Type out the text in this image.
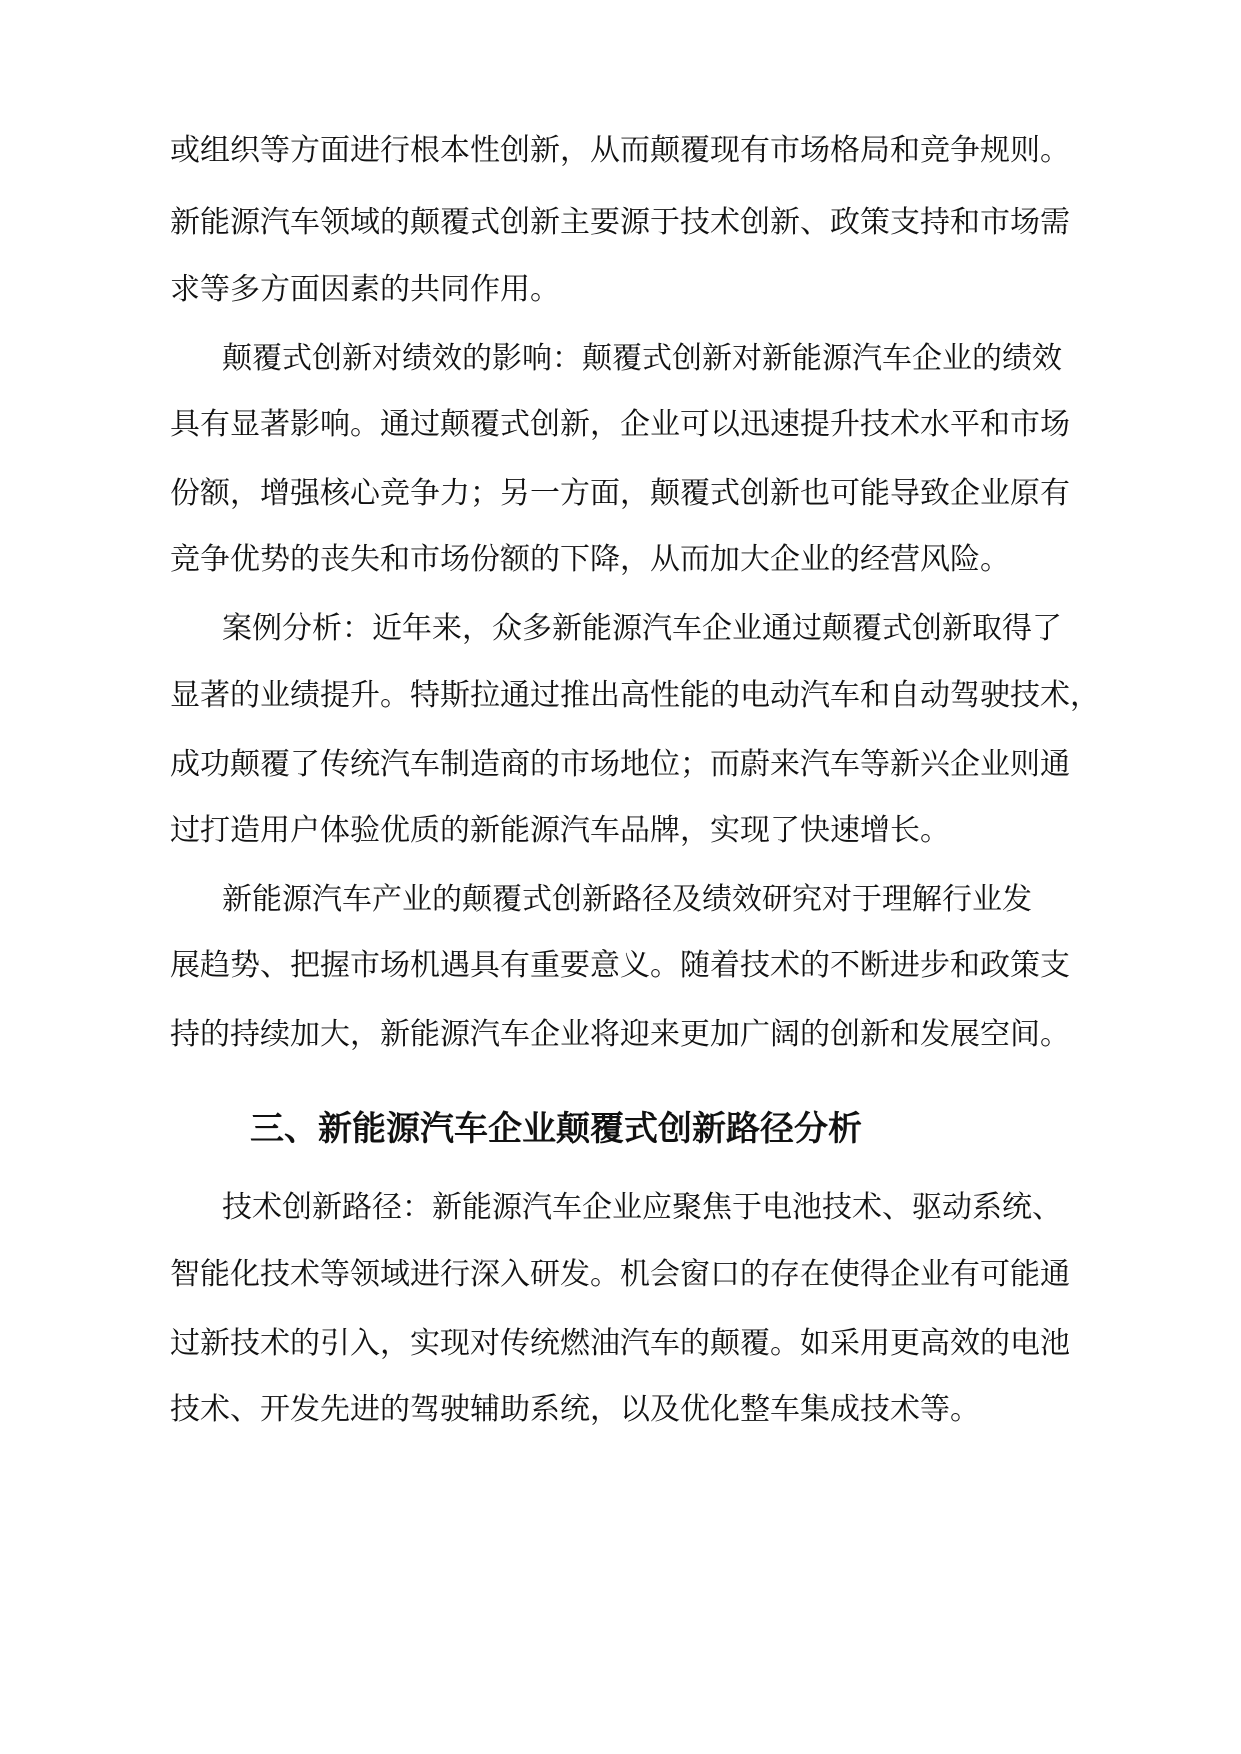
或组织等方面进行根本性创新，从而颠覆现有市场格局和竞争规则。
新能源汽车领域的颠覆式创新主要源于技术创新、政策支持和市场需
求等多方面因素的共同作用。
颠覆式创新对绩效的影响：颠覆式创新对新能源汽车企业的绩效
具有显著影响。通过颠覆式创新，企业可以迅速提升技术水平和市场
份额，增强核心竞争力；另一方面，颠覆式创新也可能导致企业原有
竞争优势的丧失和市场份额的下降，从而加大企业的经营风险。
案例分析：近年来，众多新能源汽车企业通过颠覆式创新取得了
显著的业绩提升。特斯拉通过推出高性能的电动汽车和自动驾驶技术，
成功颠覆了传统汽车制造商的市场地位；而蔚来汽车等新兴企业则通
过打造用户体验优质的新能源汽车品牌，实现了快速增长。
新能源汽车产业的颠覆式创新路径及绩效研究对于理解行业发
展趋势、把握市场机遇具有重要意义。随着技术的不断进步和政策支
持的持续加大，新能源汽车企业将迎来更加广阔的创新和发展空间。
三、新能源汽车企业颠覆式创新路径分析
技术创新路径：新能源汽车企业应聚焦于电池技术、驱动系统、
智能化技术等领域进行深入研发。机会窗口的存在使得企业有可能通
过新技术的引入，实现对传统燃油汽车的颠覆。如采用更高效的电池
技术、开发先进的驾驶辅助系统，以及优化整车集成技术等。
